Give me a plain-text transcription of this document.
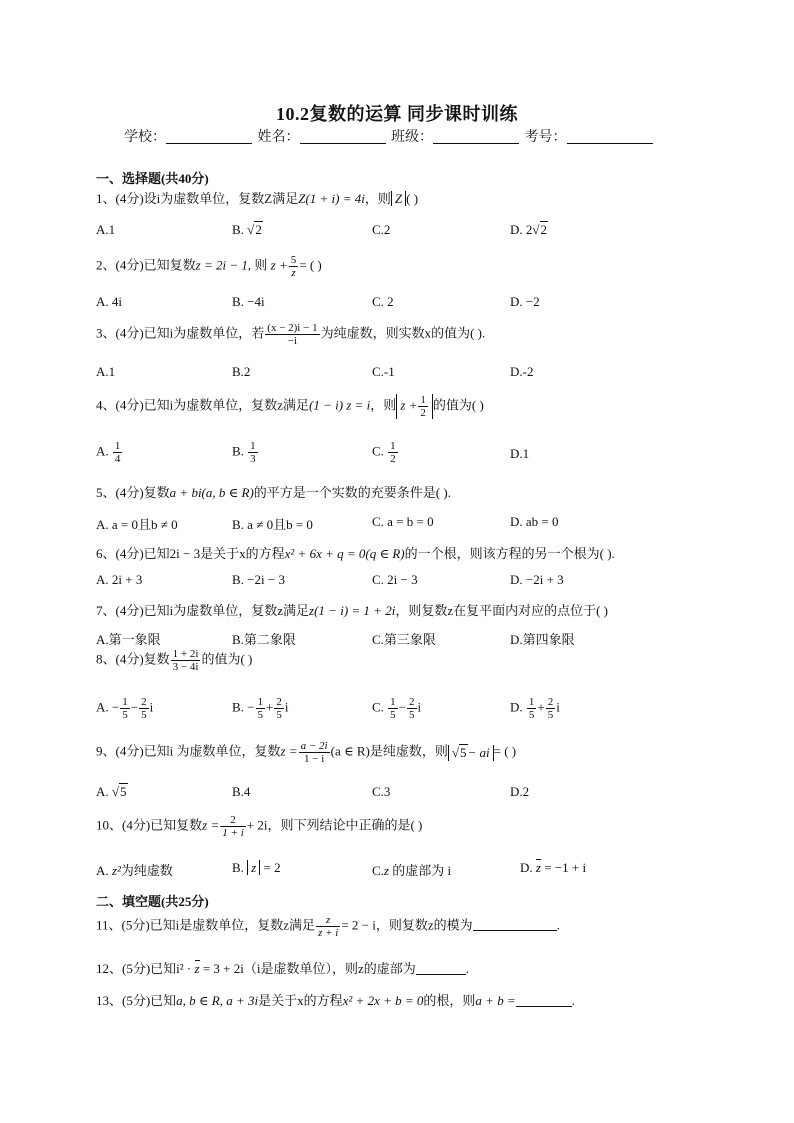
10.2复数的运算 同步课时训练
学校：	姓名：	班级：	考号：
一、选择题(共40分)
1、(4分)设i为虚数单位，复数Z满足Z(1 + i) = 4i，则 Z ( )
A.1	B. √2	C.2	D. 2√2
2、(4分)已知复数z = 2i − 1, 则 $z + \frac{5}{z}$ = ( )
A. 4i	B. −4i	C. 2	D. −2
3、(4分)已知i为虚数单位，若 $\frac{(x - 2)i - 1}{-i}$ 为纯虚数，则实数x的值为( ).
A.1	B.2	C.-1	D.-2
4、(4分)已知i为虚数单位，复数z满足(1 − i) z = i，则 $z + \frac{1}{2}$ 的值为( )
A. $\frac{1}{4}$	B. $\frac{1}{3}$	C. $\frac{1}{2}$	D.1
5、(4分)复数a + bi(a, b ∈ R)的平方是一个实数的充要条件是( ).
A. a = 0且b ≠ 0	B. a ≠ 0且b = 0	C. a = b = 0	D. ab = 0
6、(4分)已知2i − 3是关于x的方程x² + 6x + q = 0(q ∈ R)的一个根，则该方程的另一个根为( ).
A. 2i + 3	B. −2i − 3	C. 2i − 3	D. −2i + 3
7、(4分)已知i为虚数单位，复数z满足z(1 − i) = 1 + 2i，则复数z在复平面内对应的点位于( )
A.第一象限	B.第二象限	C.第三象限	D.第四象限
8、(4分)复数 $\frac{1 + 2i}{3 - 4i}$ 的值为( )
A. − $\frac{1}{5} - \frac{2}{5}$ i	B. − $\frac{1}{5} + \frac{2}{5}$ i	C. $\frac{1}{5} - \frac{2}{5}$ i	D. $\frac{1}{5} + \frac{2}{5}$ i
9、(4分)已知i 为虚数单位，复数$z = \frac{a - 2i}{1 - i} (a$ ∈ R)是纯虚数，则 √5− ai = ( )
A. √5	B.4	C.3	D.2
10、(4分)已知复数$z = \frac{2}{1 + i} + 2i$，则下列结论中正确的是( )
A. z²为纯虚数	B. z = 2	C.z 的虚部为 i	D. z = −1 + i
二、填空题(共25分)
11、(5分)已知i是虚数单位，复数z满足 $\frac{z}{z + i} = 2 - i$，则复数z的模为	.
12、(5分)已知i² · z = 3 + 2i（i是虚数单位），则z的虚部为	.
13、(5分)已知a, b ∈ R, a + 3i是关于x的方程x² + 2x + b = 0的根，则a + b =	.
